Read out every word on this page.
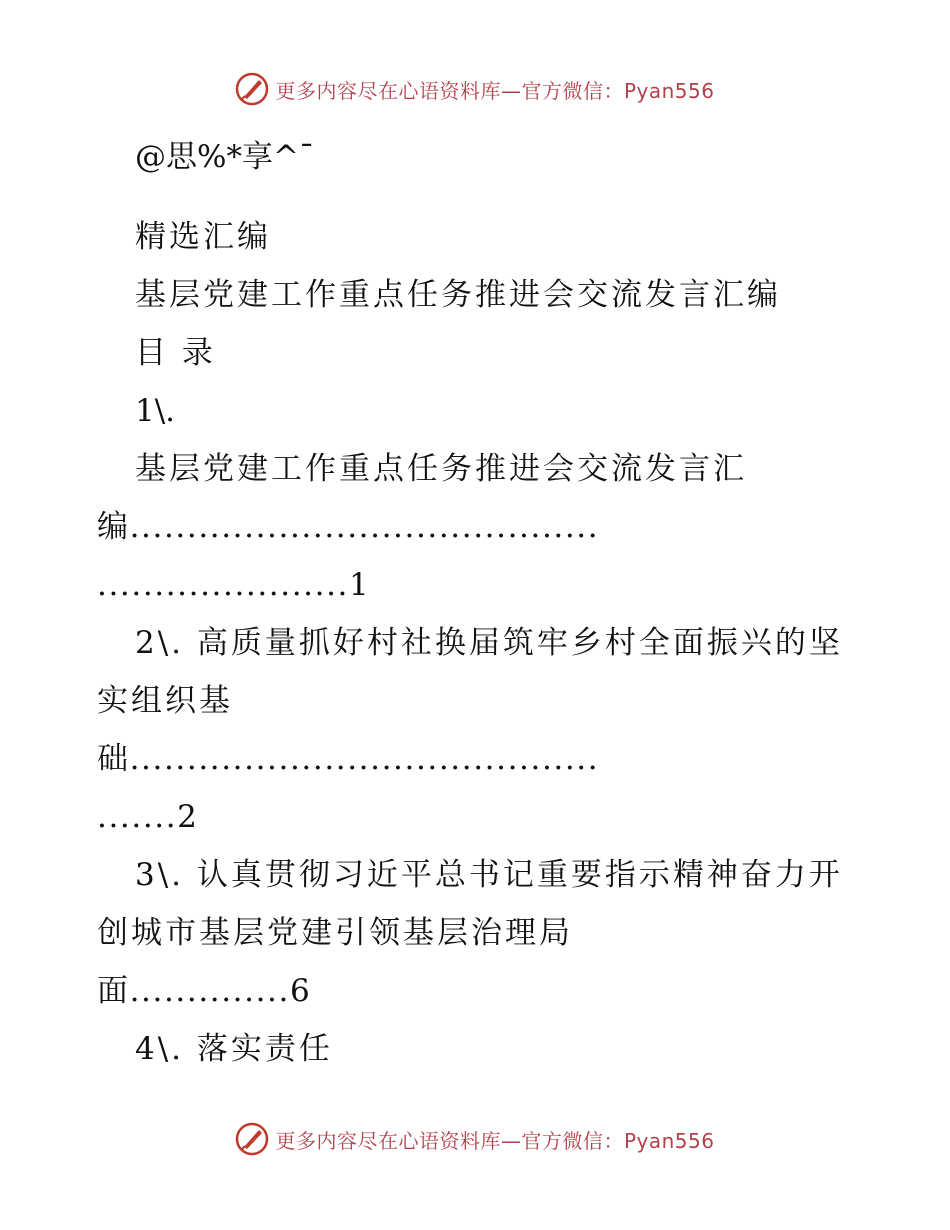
更多内容尽在心语资料库—官方微信：Pyan556
@思%*享^¯
精选汇编
基层党建工作重点任务推进会交流发言汇编
目 录
1\.
基层党建工作重点任务推进会交流发言汇
编.........................................
......................1
2\. 高质量抓好村社换届筑牢乡村全面振兴的坚
实组织基
础.........................................
.......2
3\. 认真贯彻习近平总书记重要指示精神奋力开
创城市基层党建引领基层治理局
面..............6
4\. 落实责任
更多内容尽在心语资料库—官方微信：Pyan556
